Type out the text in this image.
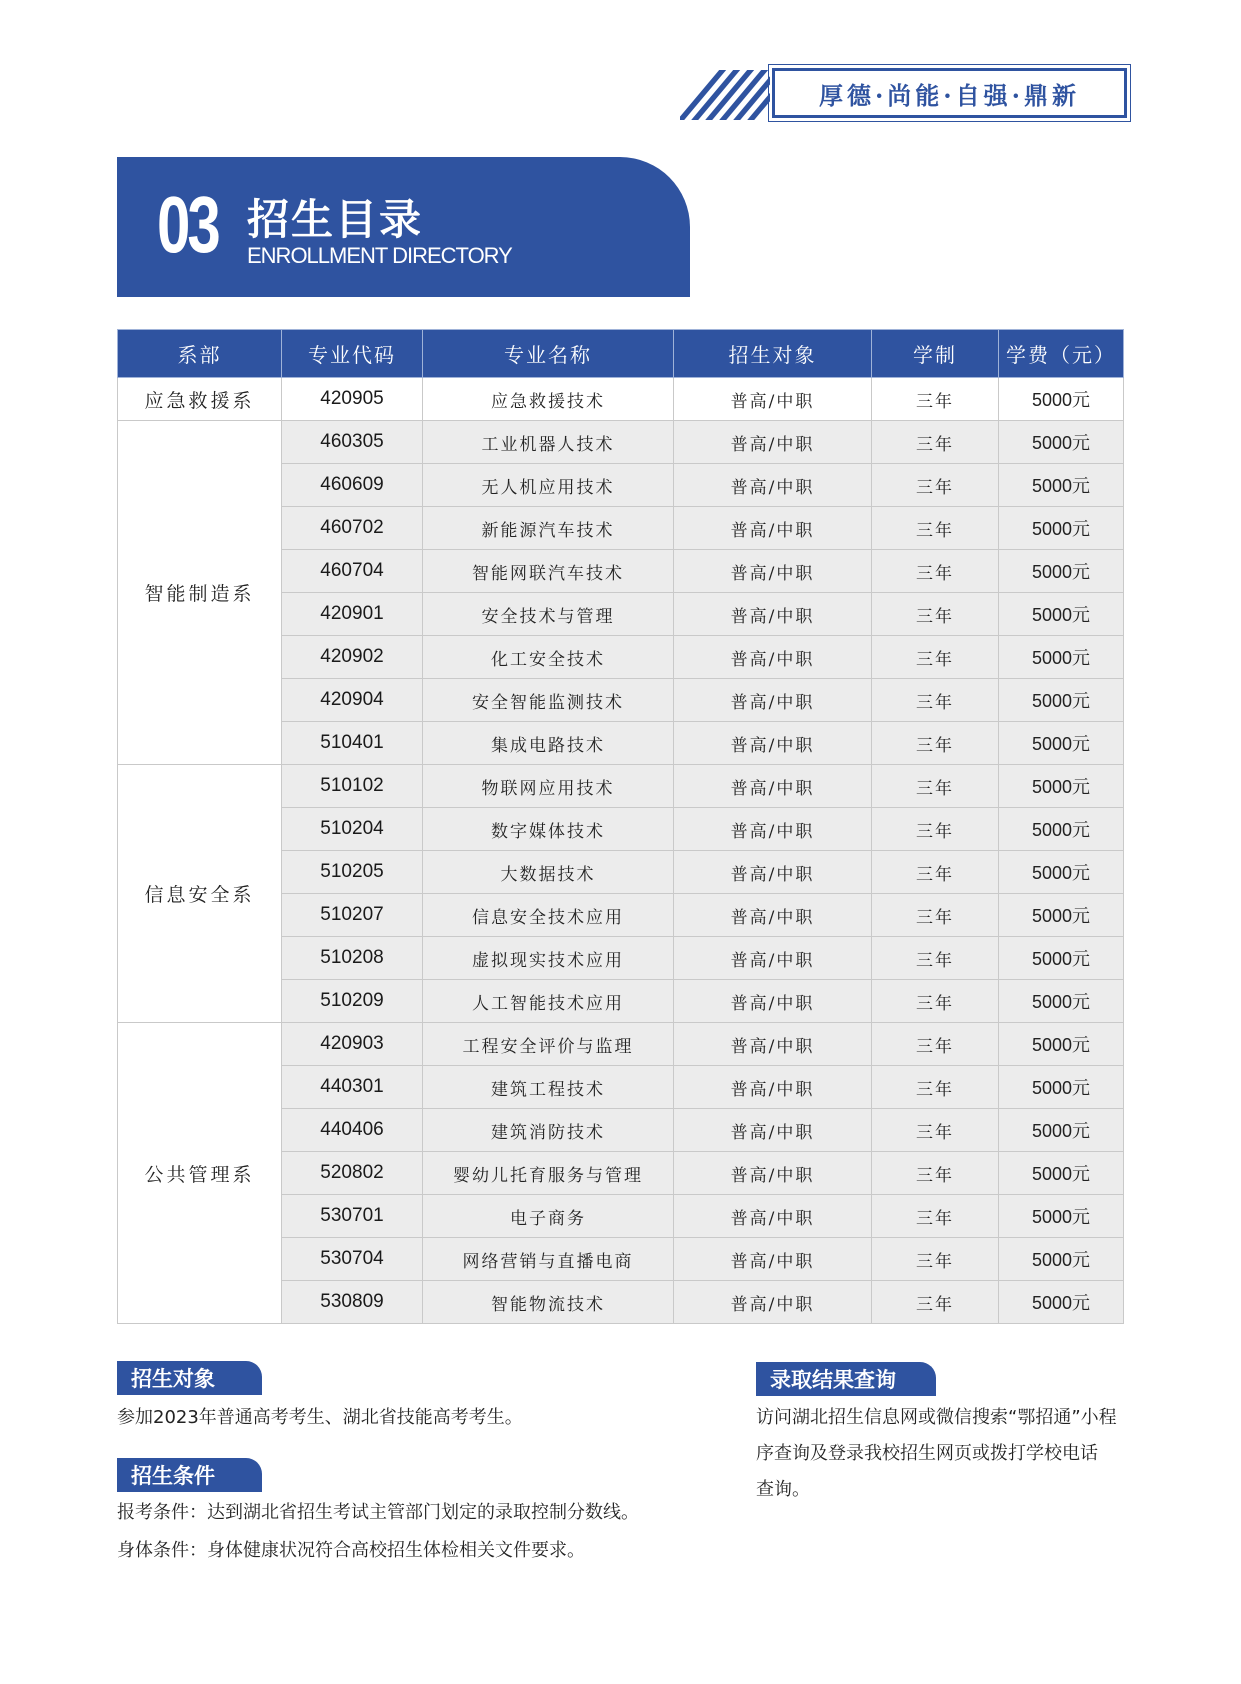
厚德·尚能·自强·鼎新
03 招生目录
ENROLLMENT DIRECTORY
系部	专业代码	专业名称	招生对象	学制	学费（元）
应急救援系	420905	应急救援技术	普高/中职	三年	5000元
智能制造系	460305	工业机器人技术	普高/中职	三年	5000元
	460609	无人机应用技术	普高/中职	三年	5000元
	460702	新能源汽车技术	普高/中职	三年	5000元
	460704	智能网联汽车技术	普高/中职	三年	5000元
	420901	安全技术与管理	普高/中职	三年	5000元
	420902	化工安全技术	普高/中职	三年	5000元
	420904	安全智能监测技术	普高/中职	三年	5000元
	510401	集成电路技术	普高/中职	三年	5000元
信息安全系	510102	物联网应用技术	普高/中职	三年	5000元
	510204	数字媒体技术	普高/中职	三年	5000元
	510205	大数据技术	普高/中职	三年	5000元
	510207	信息安全技术应用	普高/中职	三年	5000元
	510208	虚拟现实技术应用	普高/中职	三年	5000元
	510209	人工智能技术应用	普高/中职	三年	5000元
公共管理系	420903	工程安全评价与监理	普高/中职	三年	5000元
	440301	建筑工程技术	普高/中职	三年	5000元
	440406	建筑消防技术	普高/中职	三年	5000元
	520802	婴幼儿托育服务与管理	普高/中职	三年	5000元
	530701	电子商务	普高/中职	三年	5000元
	530704	网络营销与直播电商	普高/中职	三年	5000元
	530809	智能物流技术	普高/中职	三年	5000元
招生对象
参加2023年普通高考考生、湖北省技能高考考生。
招生条件
报考条件：达到湖北省招生考试主管部门划定的录取控制分数线。
身体条件：身体健康状况符合高校招生体检相关文件要求。
录取结果查询
访问湖北招生信息网或微信搜索“鄂招通”小程
序查询及登录我校招生网页或拨打学校电话
查询。
